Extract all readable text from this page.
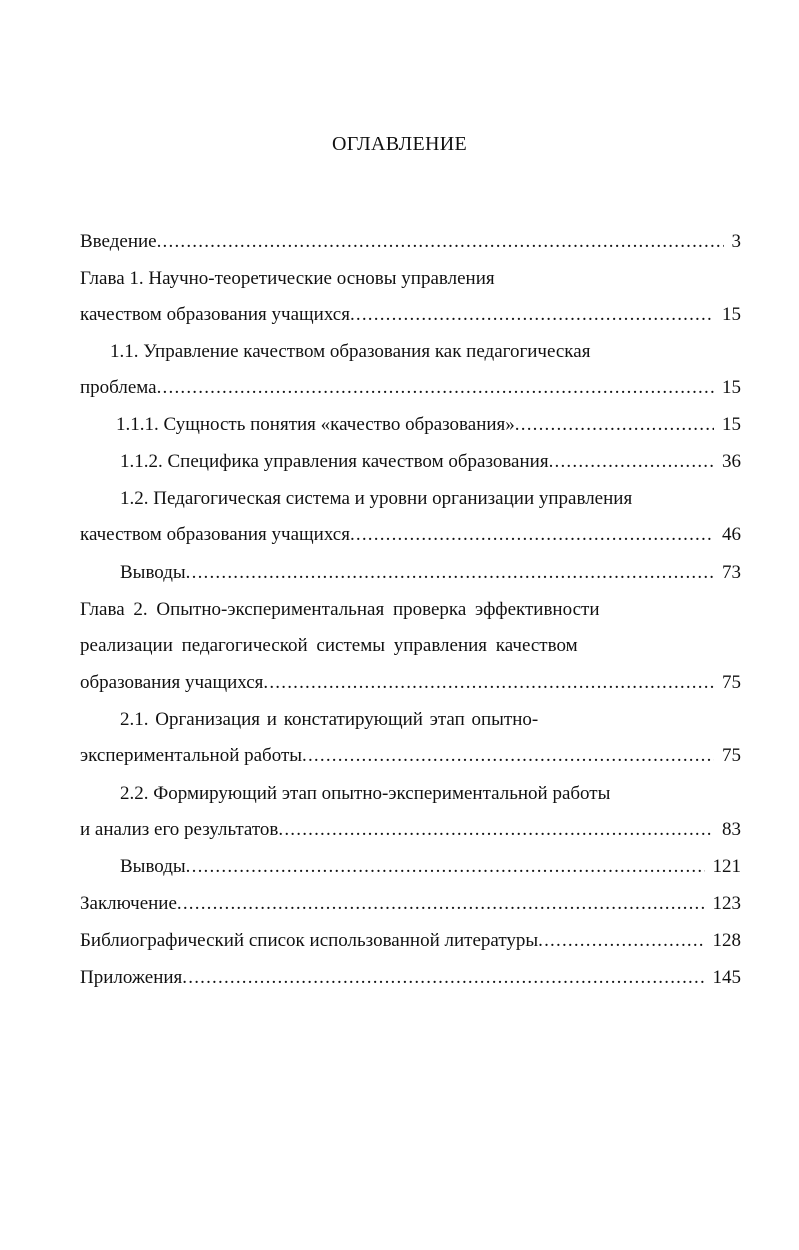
ОГЛАВЛЕНИЕ
Введение .....	3
Глава 1. Научно-теоретические основы управления
качеством образования учащихся .....	15
1.1. Управление качеством образования как педагогическая
проблема .....	15
1.1.1. Сущность понятия «качество образования» .....	15
1.1.2. Специфика управления качеством образования .....	36
1.2. Педагогическая система и уровни организации управления
качеством образования учащихся .....	46
Выводы .....	73
Глава 2. Опытно-экспериментальная проверка эффективности
реализации педагогической системы управления качеством
образования учащихся .....	75
2.1. Организация и констатирующий этап опытно-
экспериментальной работы .....	75
2.2. Формирующий этап опытно-экспериментальной работы
и анализ его результатов .....	83
Выводы .....	121
Заключение .....	123
Библиографический список использованной литературы .....	128
Приложения .....	145
